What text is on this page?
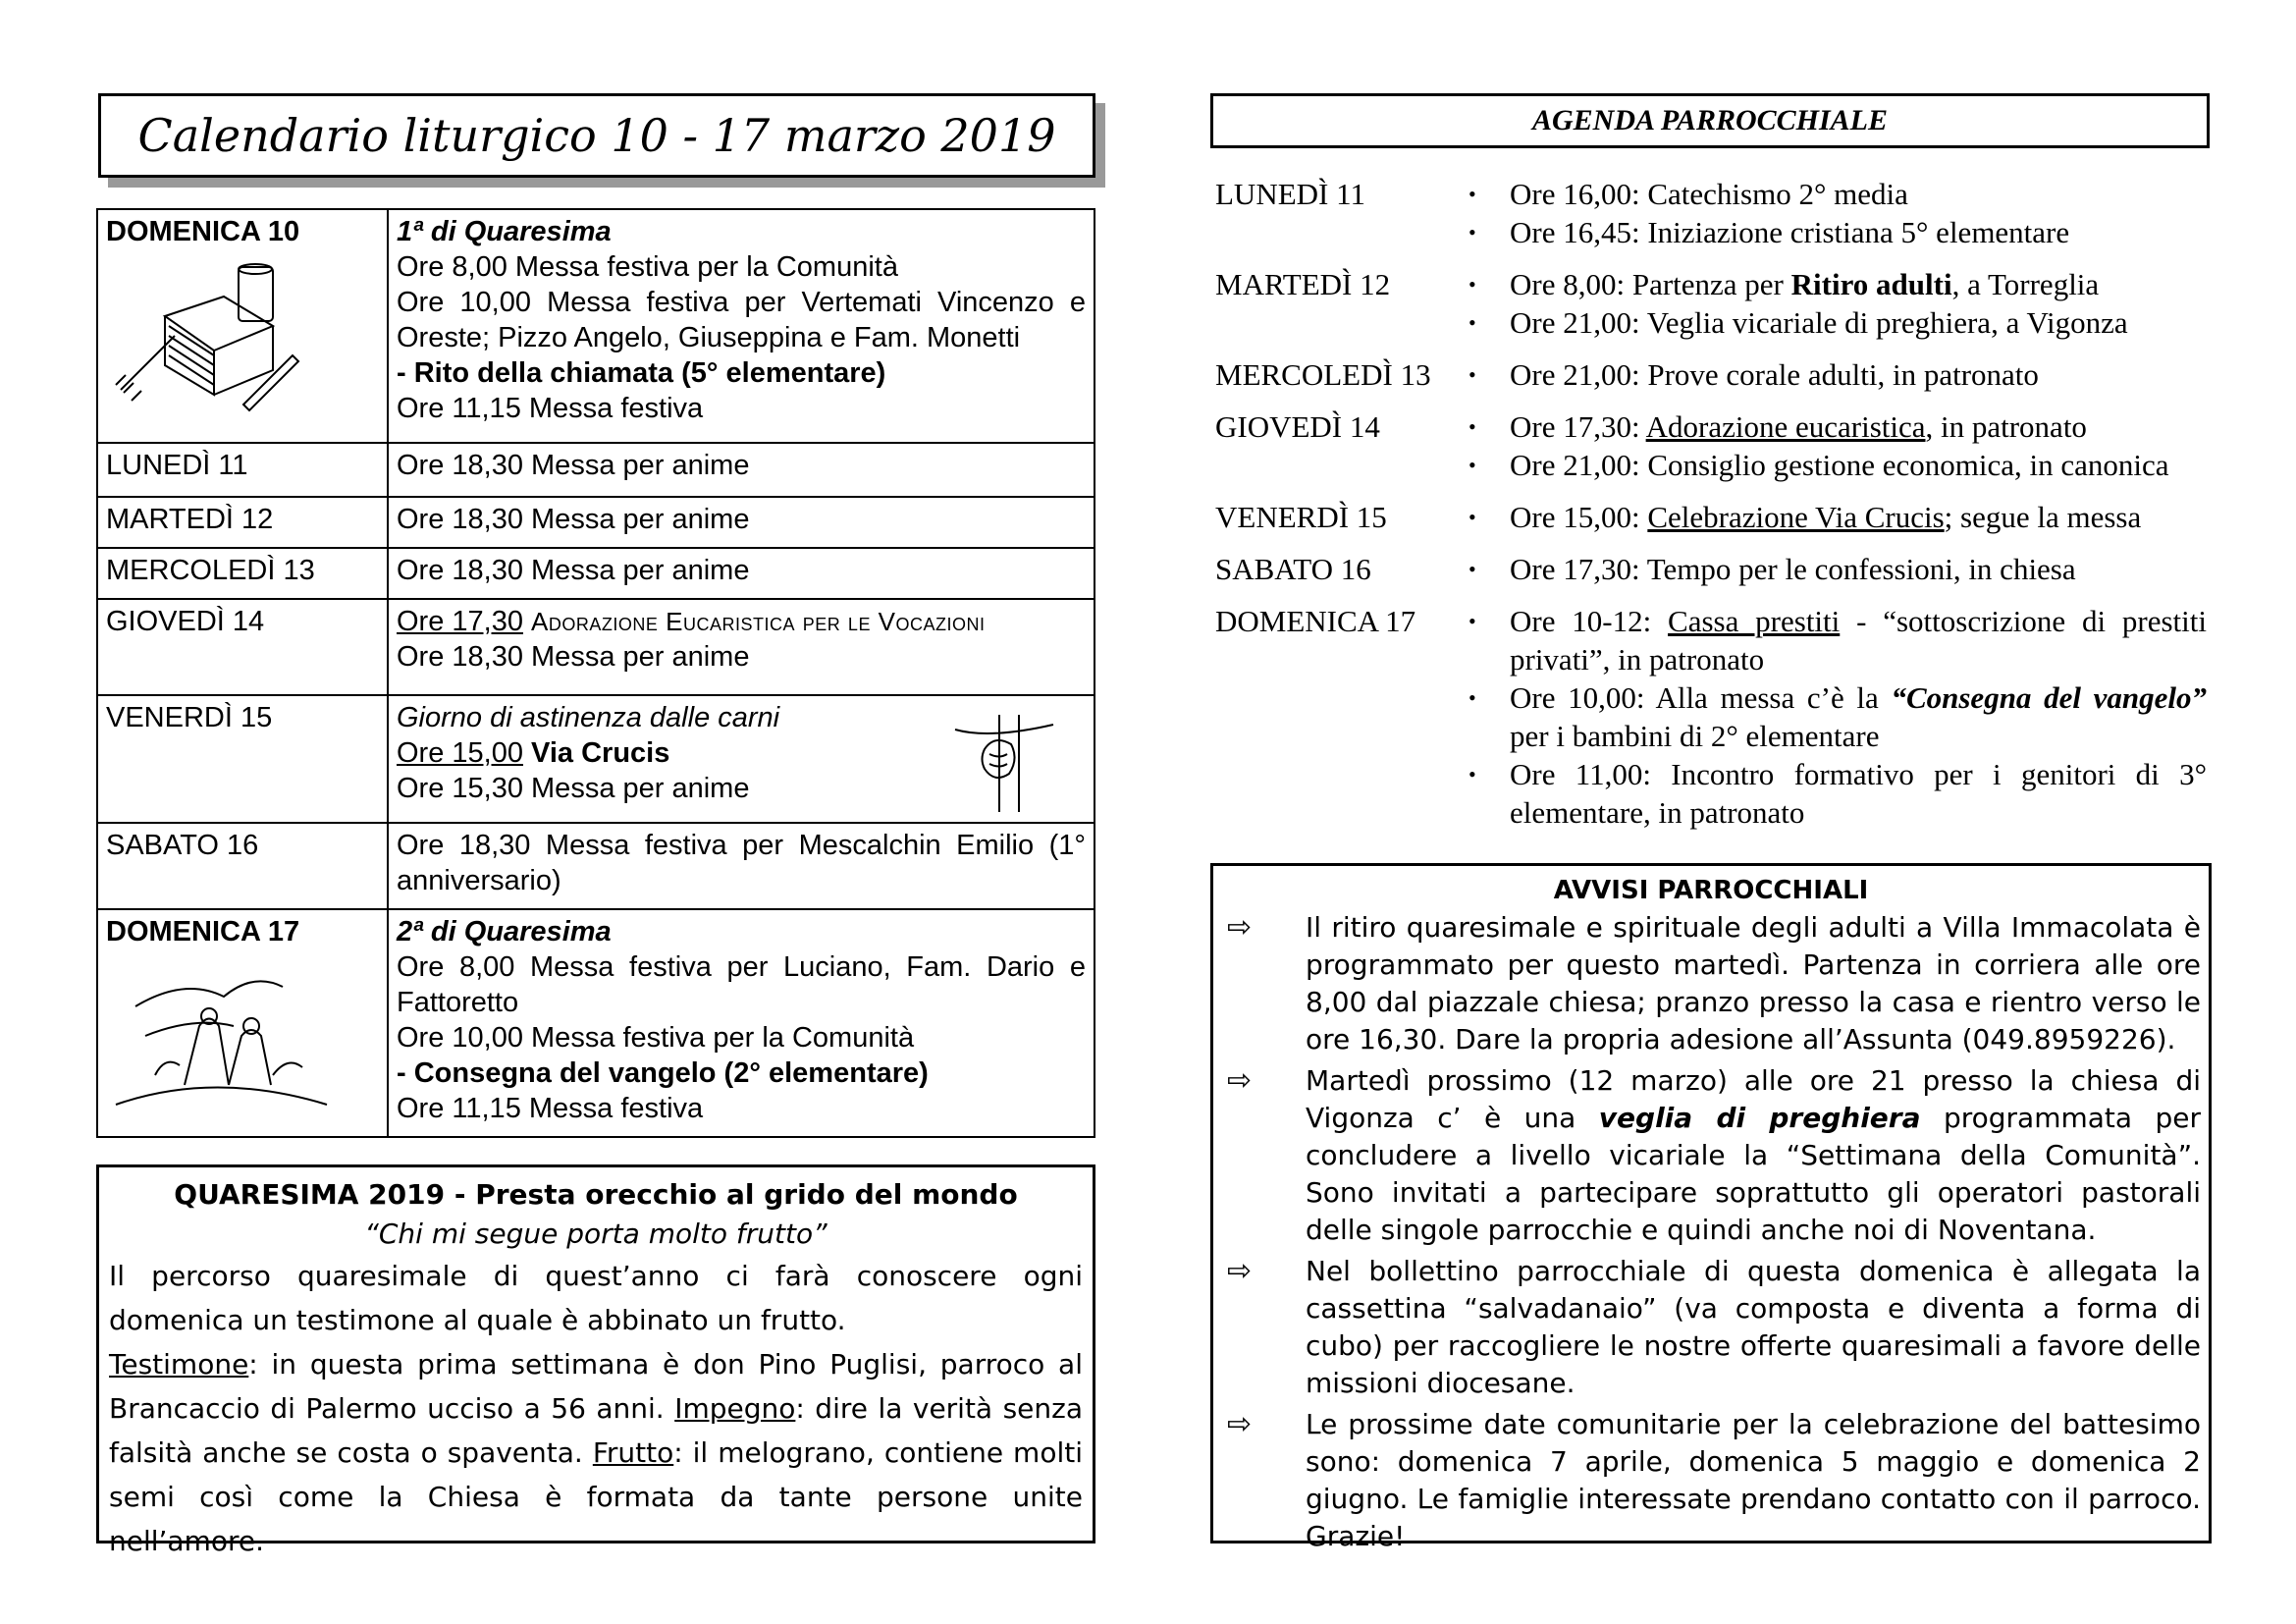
Calendario liturgico 10 - 17 marzo 2019
DOMENICA 10	1ª di Quaresima
Ore 8,00 Messa festiva per la Comunità
Ore 10,00 Messa festiva per Vertemati Vincenzo e Oreste; Pizzo Angelo, Giuseppina e Fam. Monetti
- Rito della chiamata (5° elementare)
Ore 11,15 Messa festiva

LUNEDÌ 11	Ore 18,30 Messa per anime

MARTEDÌ 12	Ore 18,30 Messa per anime

MERCOLEDÌ 13	Ore 18,30 Messa per anime

GIOVEDÌ 14	Ore 17,30 Adorazione Eucaristica per le Vocazioni
Ore 18,30 Messa per anime

VENERDÌ 15	Giorno di astinenza dalle carni
Ore 15,00 Via Crucis
Ore 15,30 Messa per anime

SABATO 16	Ore 18,30 Messa festiva per Mescalchin Emilio (1° anniversario)

DOMENICA 17	2ª di Quaresima
Ore 8,00 Messa festiva per Luciano, Fam. Dario e Fattoretto
Ore 10,00 Messa festiva per la Comunità
- Consegna del vangelo (2° elementare)
Ore 11,15 Messa festiva
QUARESIMA 2019 - Presta orecchio al grido del mondo
“Chi mi segue porta molto frutto”

Il percorso quaresimale di quest’anno ci farà conoscere ogni domenica un testimone al quale è abbinato un frutto.
Testimone: in questa prima settimana è don Pino Puglisi, parroco al Brancaccio di Palermo ucciso a 56 anni. Impegno: dire la verità senza falsità anche se costa o spaventa. Frutto: il melograno, contiene molti semi così come la Chiesa è formata da tante persone unite nell’amore.

AGENDA PARROCCHIALE
LUNEDÌ 11	• Ore 16,00: Catechismo 2° media
• Ore 16,45: Iniziazione cristiana 5° elementare
MARTEDÌ 12	• Ore 8,00: Partenza per Ritiro adulti, a Torreglia
• Ore 21,00: Veglia vicariale di preghiera, a Vigonza
MERCOLEDÌ 13	• Ore 21,00: Prove corale adulti, in patronato
GIOVEDÌ 14	• Ore 17,30: Adorazione eucaristica, in patronato
• Ore 21,00: Consiglio gestione economica, in canonica
VENERDÌ 15	• Ore 15,00: Celebrazione Via Crucis; segue la messa
SABATO 16	• Ore 17,30: Tempo per le confessioni, in chiesa
DOMENICA 17	• Ore 10-12: Cassa prestiti - “sottoscrizione di prestiti privati”, in patronato
• Ore 10,00: Alla messa c’è la “Consegna del vangelo” per i bambini di 2° elementare
• Ore 11,00: Incontro formativo per i genitori di 3° elementare, in patronato
AVVISI PARROCCHIALI
⇨	Il ritiro quaresimale e spirituale degli adulti a Villa Immacolata è programmato per questo martedì. Partenza in corriera alle ore 8,00 dal piazzale chiesa; pranzo presso la casa e rientro verso le ore 16,30. Dare la propria adesione all’Assunta (049.8959226).
⇨	Martedì prossimo (12 marzo) alle ore 21 presso la chiesa di Vigonza c’ è una veglia di preghiera programmata per concludere a livello vicariale la “Settimana della Comunità”. Sono invitati a partecipare soprattutto gli operatori pastorali delle singole parrocchie e quindi anche noi di Noventana.
⇨	Nel bollettino parrocchiale di questa domenica è allegata la cassettina “salvadanaio” (va composta e diventa a forma di cubo) per raccogliere le nostre offerte quaresimali a favore delle missioni diocesane.
⇨	Le prossime date comunitarie per la celebrazione del battesimo sono: domenica 7 aprile, domenica 5 maggio e domenica 2 giugno. Le famiglie interessate prendano contatto con il parroco. Grazie!
